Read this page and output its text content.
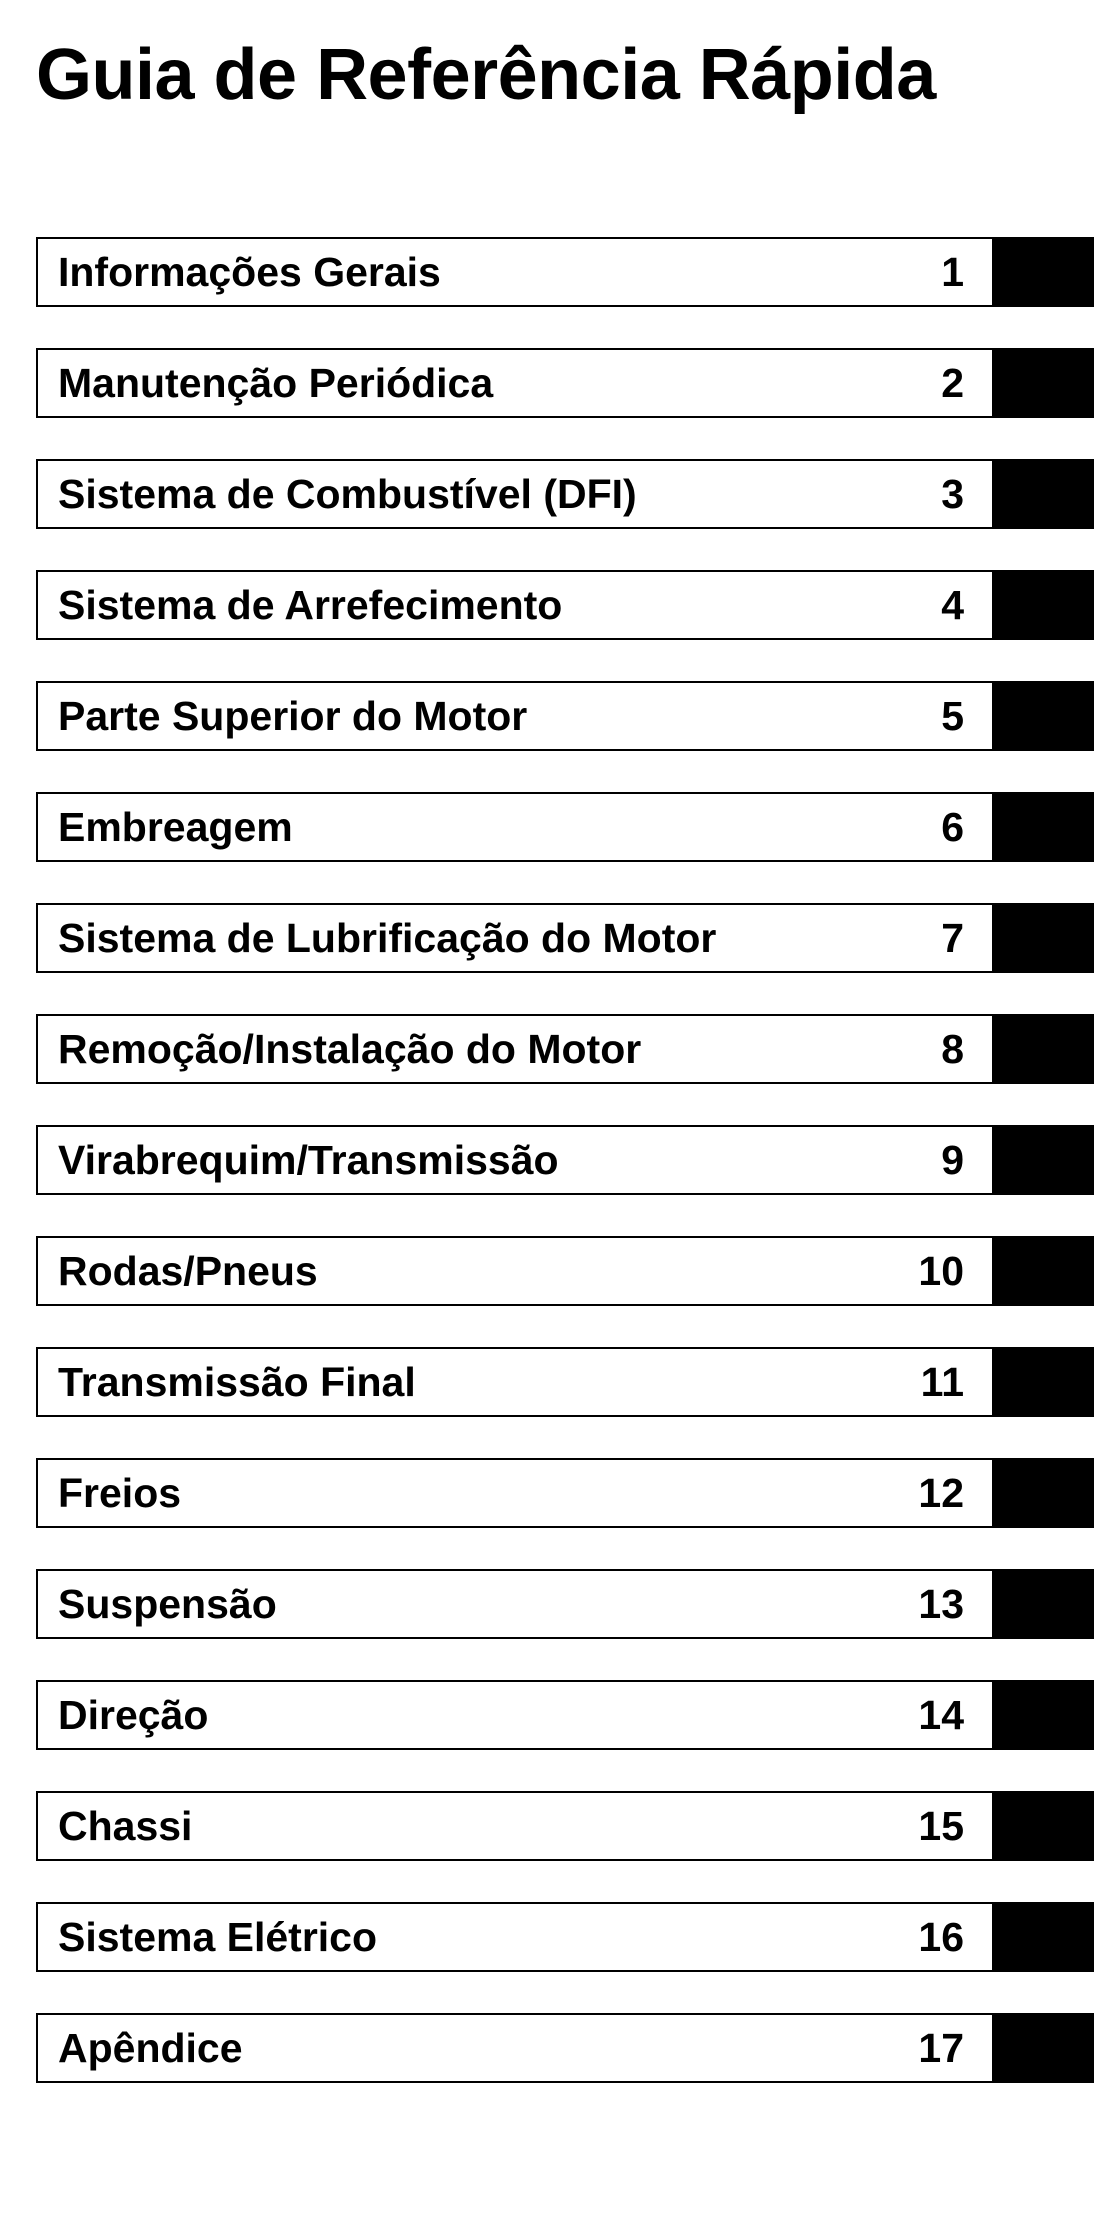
Guia de Referência Rápida
Informações Gerais	1
Manutenção Periódica	2
Sistema de Combustível (DFI)	3
Sistema de Arrefecimento	4
Parte Superior do Motor	5
Embreagem	6
Sistema de Lubrificação do Motor	7
Remoção/Instalação do Motor	8
Virabrequim/Transmissão	9
Rodas/Pneus	10
Transmissão Final	11
Freios	12
Suspensão	13
Direção	14
Chassi	15
Sistema Elétrico	16
Apêndice	17
